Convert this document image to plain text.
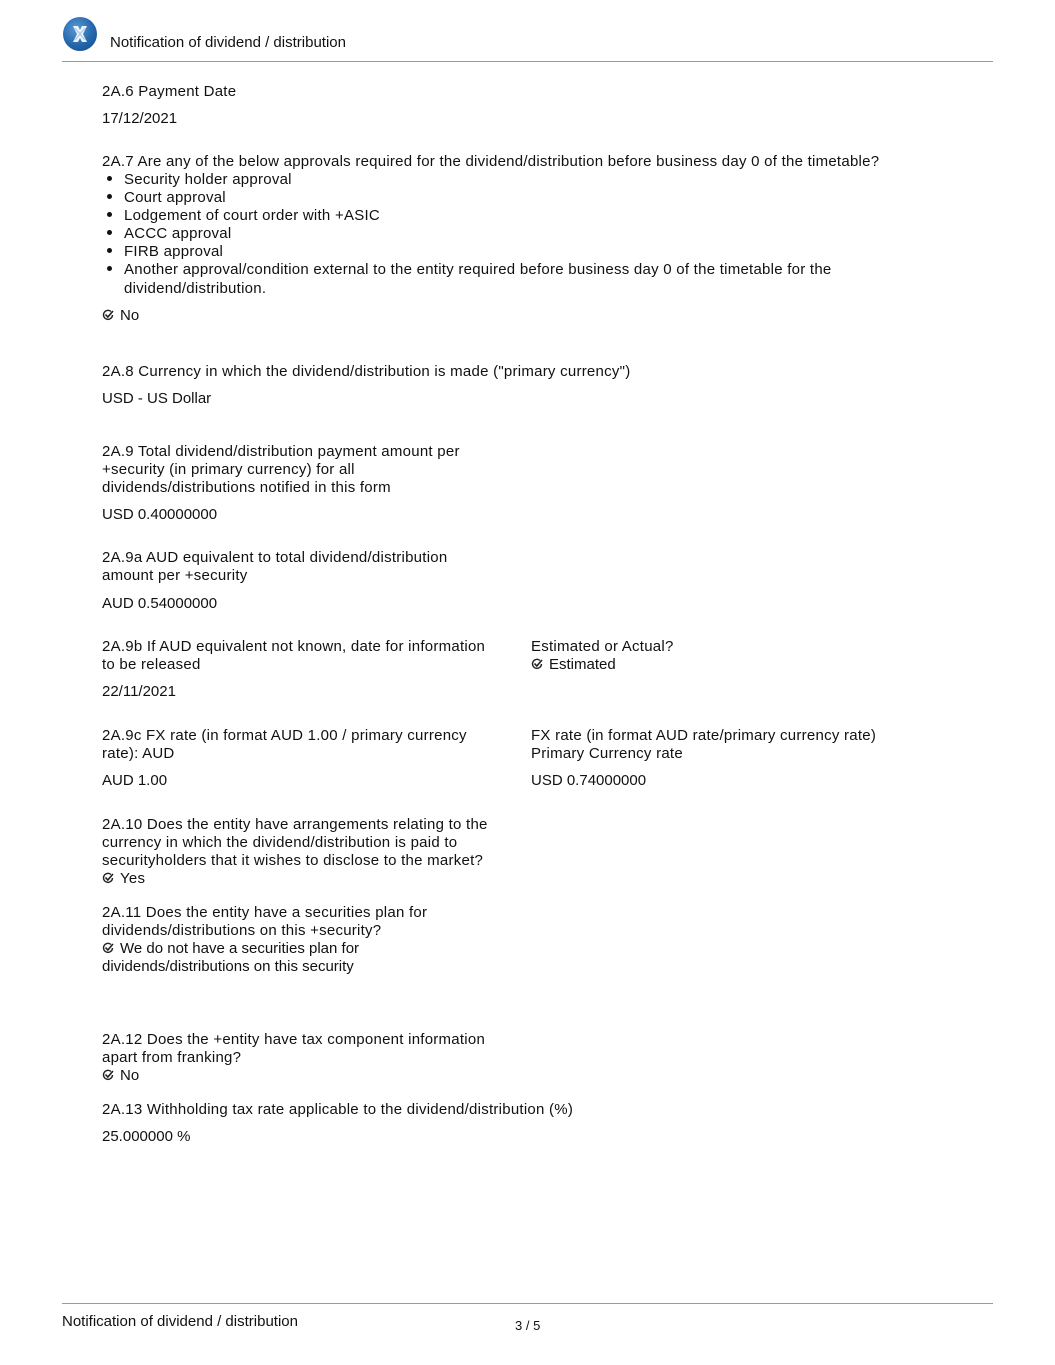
Notification of dividend / distribution
2A.6 Payment Date
17/12/2021
2A.7 Are any of the below approvals required for the dividend/distribution before business day 0 of the timetable?
Security holder approval
Court approval
Lodgement of court order with +ASIC
ACCC approval
FIRB approval
Another approval/condition external to the entity required before business day 0 of the timetable for the
dividend/distribution.
No
2A.8 Currency in which the dividend/distribution is made ("primary currency")
USD - US Dollar
2A.9 Total dividend/distribution payment amount per
+security (in primary currency) for all
dividends/distributions notified in this form
USD 0.40000000
2A.9a AUD equivalent to total dividend/distribution
amount per +security
AUD 0.54000000
2A.9b If AUD equivalent not known, date for information
to be released
22/11/2021
Estimated or Actual?
Estimated
2A.9c FX rate (in format AUD 1.00 / primary currency
rate): AUD
AUD 1.00
FX rate (in format AUD rate/primary currency rate)
Primary Currency rate
USD 0.74000000
2A.10 Does the entity have arrangements relating to the
currency in which the dividend/distribution is paid to
securityholders that it wishes to disclose to the market?
Yes
2A.11 Does the entity have a securities plan for
dividends/distributions on this +security?
We do not have a securities plan for
dividends/distributions on this security
2A.12 Does the +entity have tax component information
apart from franking?
No
2A.13 Withholding tax rate applicable to the dividend/distribution (%)
25.000000 %
Notification of dividend / distribution	3 / 5
